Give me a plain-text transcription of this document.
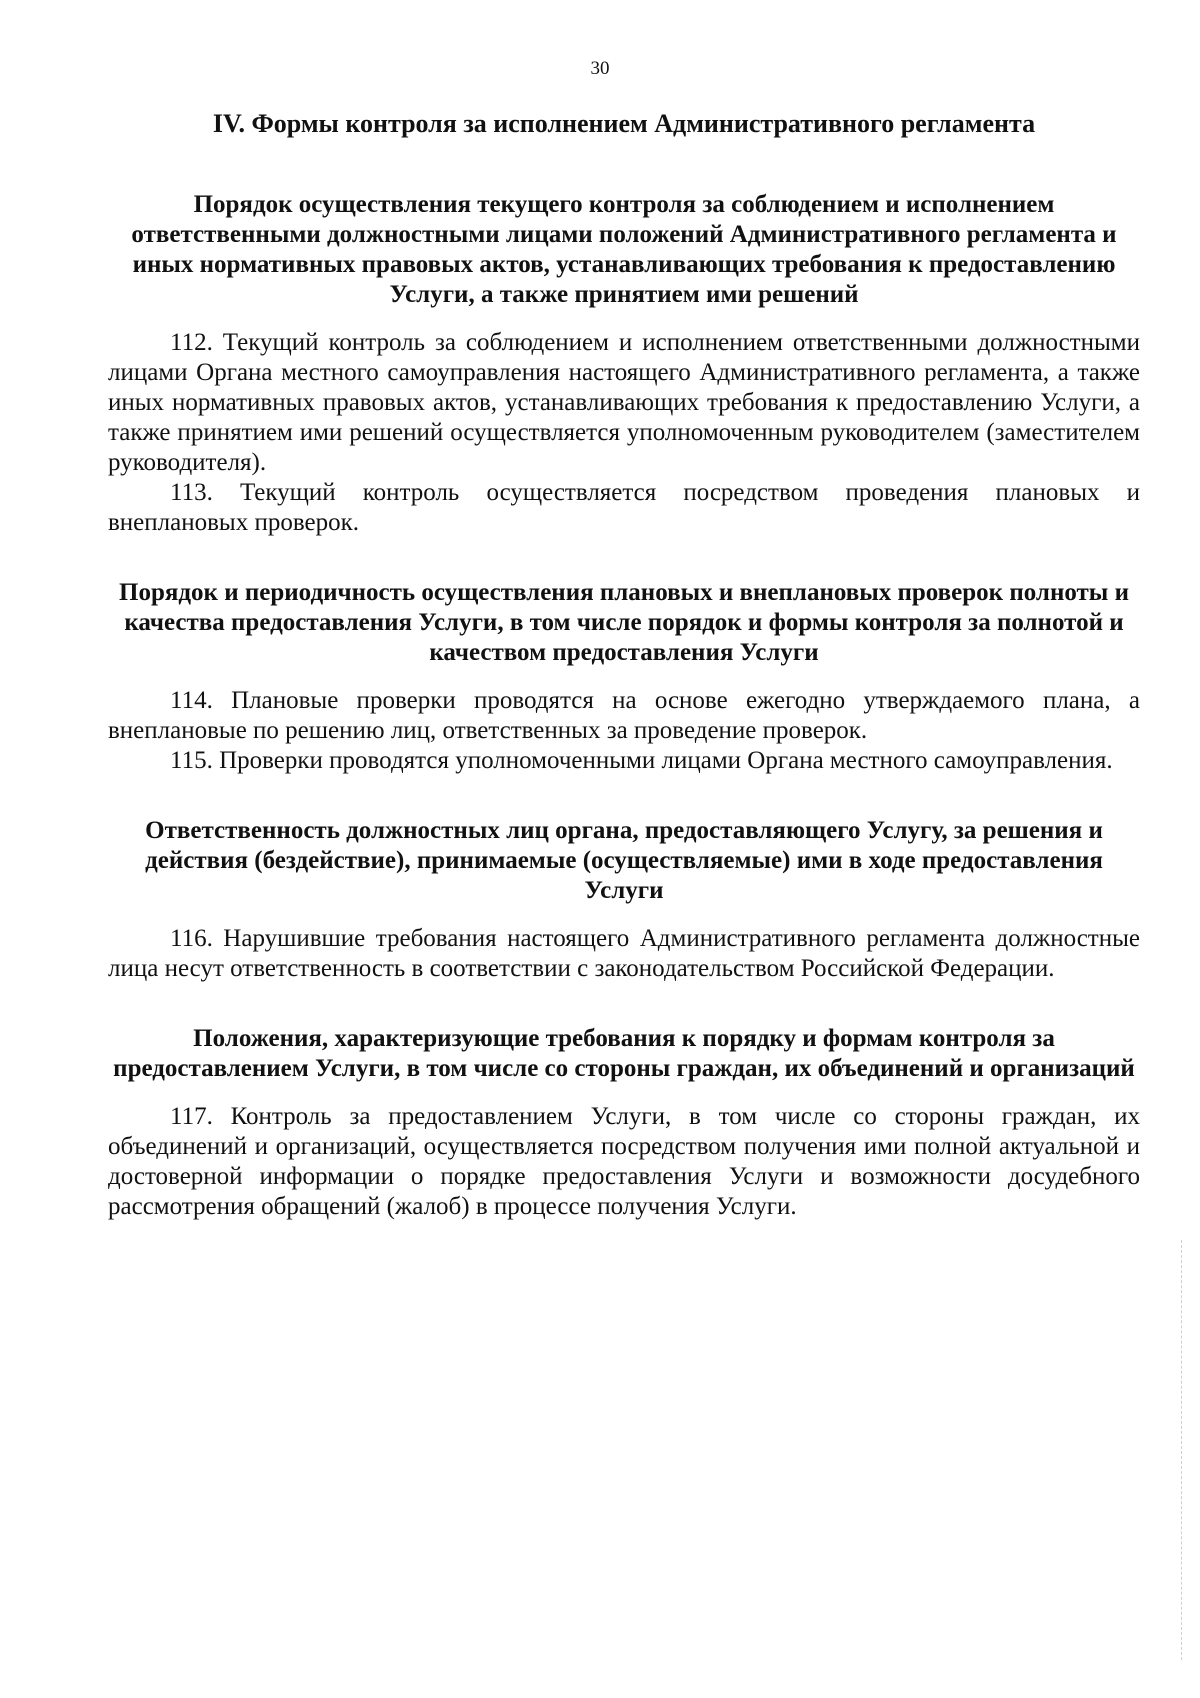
30
IV. Формы контроля за исполнением Административного регламента
Порядок осуществления текущего контроля за соблюдением и исполнением ответственными должностными лицами положений Административного регламента и иных нормативных правовых актов, устанавливающих требования к предоставлению Услуги, а также принятием ими решений

112. Текущий контроль за соблюдением и исполнением ответственными должностными лицами Органа местного самоуправления настоящего Административного регламента, а также иных нормативных правовых актов, устанавливающих требования к предоставлению Услуги, а также принятием ими решений осуществляется уполномоченным руководителем (заместителем руководителя).

113. Текущий контроль осуществляется посредством проведения плановых и внеплановых проверок.

Порядок и периодичность осуществления плановых и внеплановых проверок полноты и качества предоставления Услуги, в том числе порядок и формы контроля за полнотой и качеством предоставления Услуги

114. Плановые проверки проводятся на основе ежегодно утверждаемого плана, а внеплановые по решению лиц, ответственных за проведение проверок.

115. Проверки проводятся уполномоченными лицами Органа местного самоуправления.

Ответственность должностных лиц органа, предоставляющего Услугу, за решения и действия (бездействие), принимаемые (осуществляемые) ими в ходе предоставления Услуги

116. Нарушившие требования настоящего Административного регламента должностные лица несут ответственность в соответствии с законодательством Российской Федерации.

Положения, характеризующие требования к порядку и формам контроля за предоставлением Услуги, в том числе со стороны граждан, их объединений и организаций

117. Контроль за предоставлением Услуги, в том числе со стороны граждан, их объединений и организаций, осуществляется посредством получения ими полной актуальной и достоверной информации о порядке предоставления Услуги и возможности досудебного рассмотрения обращений (жалоб) в процессе получения Услуги.
